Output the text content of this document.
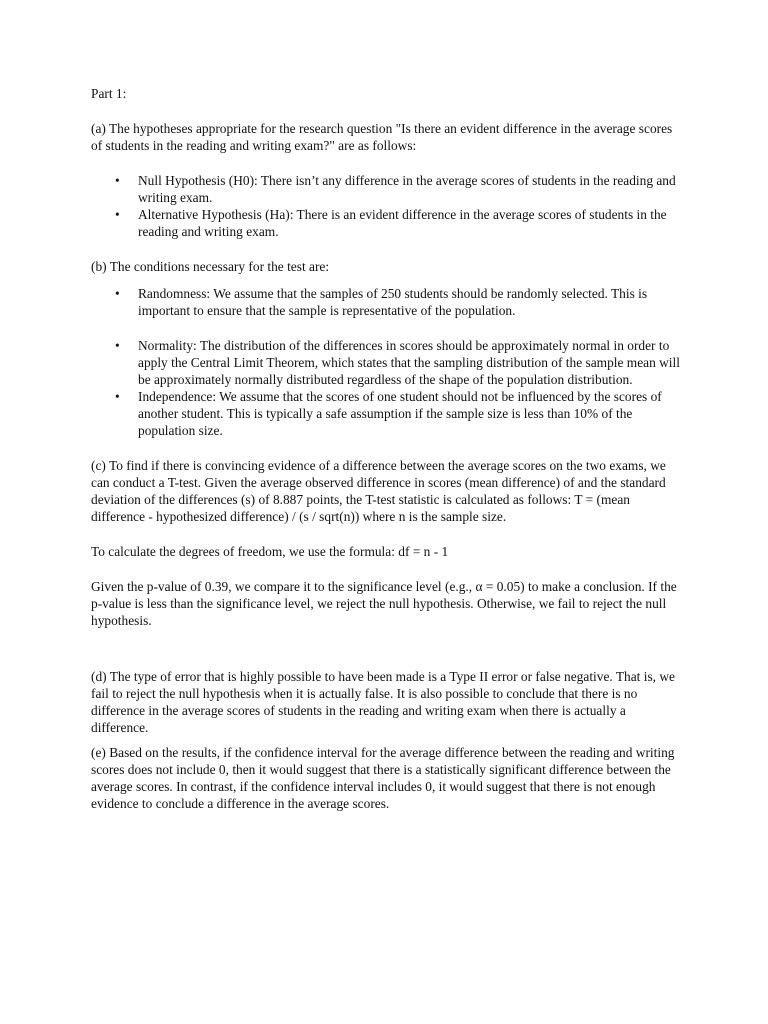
Part 1:

(a) The hypotheses appropriate for the research question "Is there an evident difference in the average scores of students in the reading and writing exam?" are as follows:

• Null Hypothesis (H0): There isn’t any difference in the average scores of students in the reading and writing exam.
• Alternative Hypothesis (Ha): There is an evident difference in the average scores of students in the reading and writing exam.

(b) The conditions necessary for the test are:

• Randomness: We assume that the samples of 250 students should be randomly selected. This is important to ensure that the sample is representative of the population.
• Normality: The distribution of the differences in scores should be approximately normal in order to apply the Central Limit Theorem, which states that the sampling distribution of the sample mean will be approximately normally distributed regardless of the shape of the population distribution.
• Independence: We assume that the scores of one student should not be influenced by the scores of another student. This is typically a safe assumption if the sample size is less than 10% of the population size.

(c) To find if there is convincing evidence of a difference between the average scores on the two exams, we can conduct a T-test. Given the average observed difference in scores (mean difference) of and the standard deviation of the differences (s) of 8.887 points, the T-test statistic is calculated as follows: T = (mean difference - hypothesized difference) / (s / sqrt(n)) where n is the sample size.

To calculate the degrees of freedom, we use the formula: df = n - 1

Given the p-value of 0.39, we compare it to the significance level (e.g., α = 0.05) to make a conclusion. If the p-value is less than the significance level, we reject the null hypothesis. Otherwise, we fail to reject the null hypothesis.

(d) The type of error that is highly possible to have been made is a Type II error or false negative. That is, we fail to reject the null hypothesis when it is actually false. It is also possible to conclude that there is no difference in the average scores of students in the reading and writing exam when there is actually a difference.

(e) Based on the results, if the confidence interval for the average difference between the reading and writing scores does not include 0, then it would suggest that there is a statistically significant difference between the average scores. In contrast, if the confidence interval includes 0, it would suggest that there is not enough evidence to conclude a difference in the average scores.
